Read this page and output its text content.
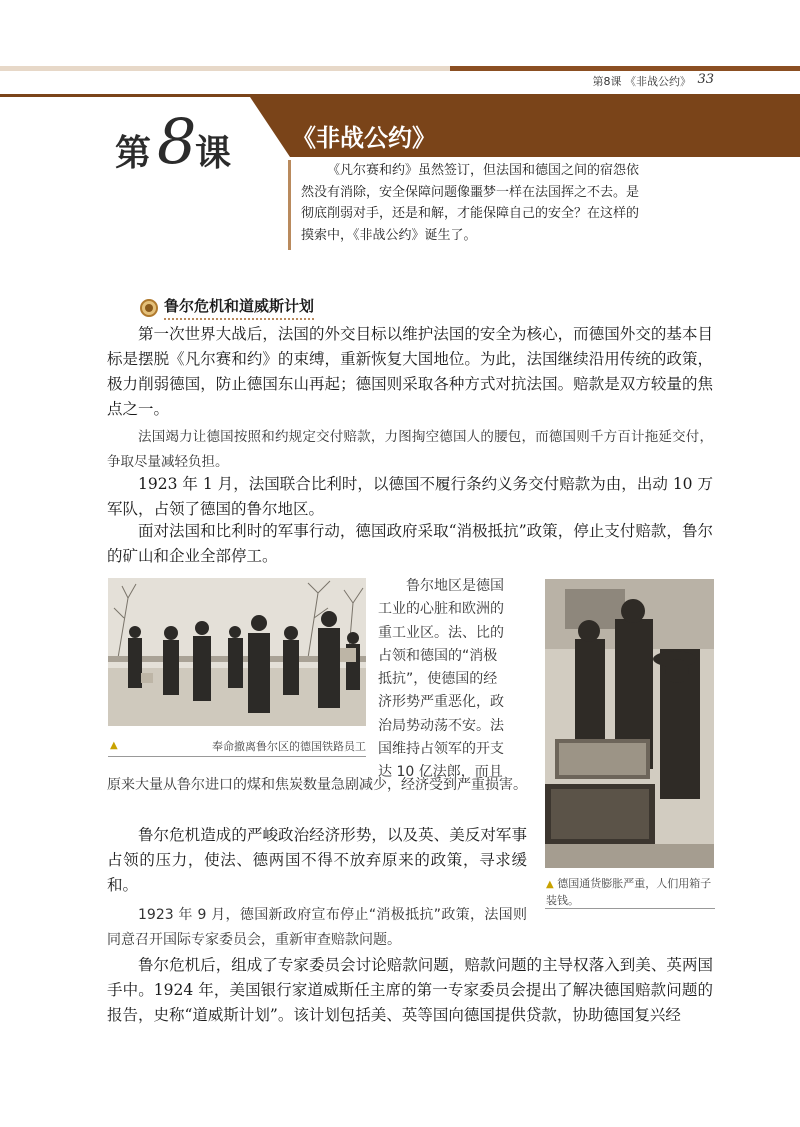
第8课 《非战公约》 33
第 8
课	《非战公约》
《凡尔赛和约》虽然签订，但法国和德国之间的宿怨依然没有消除，安全保障问题像噩梦一样在法国挥之不去。是彻底削弱对手，还是和解，才能保障自己的安全？在这样的摸索中，《非战公约》诞生了。
鲁尔危机和道威斯计划

第一次世界大战后，法国的外交目标以维护法国的安全为核心，而德国外交的基本目标是摆脱《凡尔赛和约》的束缚，重新恢复大国地位。为此，法国继续沿用传统的政策，极力削弱德国，防止德国东山再起；德国则采取各种方式对抗法国。赔款是双方较量的焦点之一。

法国竭力让德国按照和约规定交付赔款，力图掏空德国人的腰包，而德国则千方百计拖延交付，争取尽量减轻负担。

1923 年 1 月，法国联合比利时，以德国不履行条约义务交付赔款为由，出动 10 万军队，占领了德国的鲁尔地区。

面对法国和比利时的军事行动，德国政府采取“消极抵抗”政策，停止支付赔款，鲁尔的矿山和企业全部停工。

▲	奉命撤离鲁尔区的德国铁路员工
鲁尔地区是德国
工业的心脏和欧洲的
重工业区。法、比的
占领和德国的“消极
抵抗”，使德国的经
济形势严重恶化，政
治局势动荡不安。法
国维持占领军的开支
达 10 亿法郎，而且

原来大量从鲁尔进口的煤和焦炭数量急剧减少，经济受到严重损害。

▲ 德国通货膨胀严重，人们用箱子装钱。

鲁尔危机造成的严峻政治经济形势，以及英、美反对军事占领的压力，使法、德两国不得不放弃原来的政策，寻求缓和。

1923 年 9 月，德国新政府宣布停止“消极抵抗”政策，法国则同意召开国际专家委员会，重新审查赔款问题。

鲁尔危机后，组成了专家委员会讨论赔款问题，赔款问题的主导权落入到美、英两国手中。1924 年，美国银行家道威斯任主席的第一专家委员会提出了解决德国赔款问题的报告，史称“道威斯计划”。该计划包括美、英等国向德国提供贷款，协助德国复兴经
